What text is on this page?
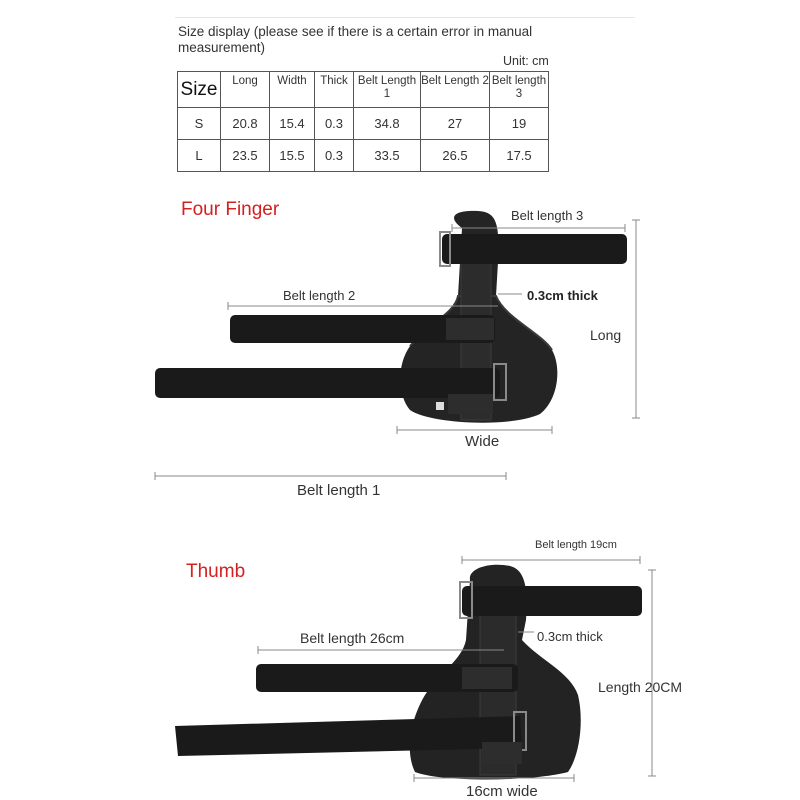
Size display (please see if there is a certain error in manual measurement)
Unit: cm
Size	Long	Width	Thick	Belt Length 1	Belt Length 2	Belt length 3
S	20.8	15.4	0.3	34.8	27	19
L	23.5	15.5	0.3	33.5	26.5	17.5
Four Finger	Belt length 3
Belt length 2	0.3cm thick
Long
Wide
Belt length 1
Thumb
Belt length 19cm
Belt length 26cm	0.3cm thick
Length 20CM
16cm wide
